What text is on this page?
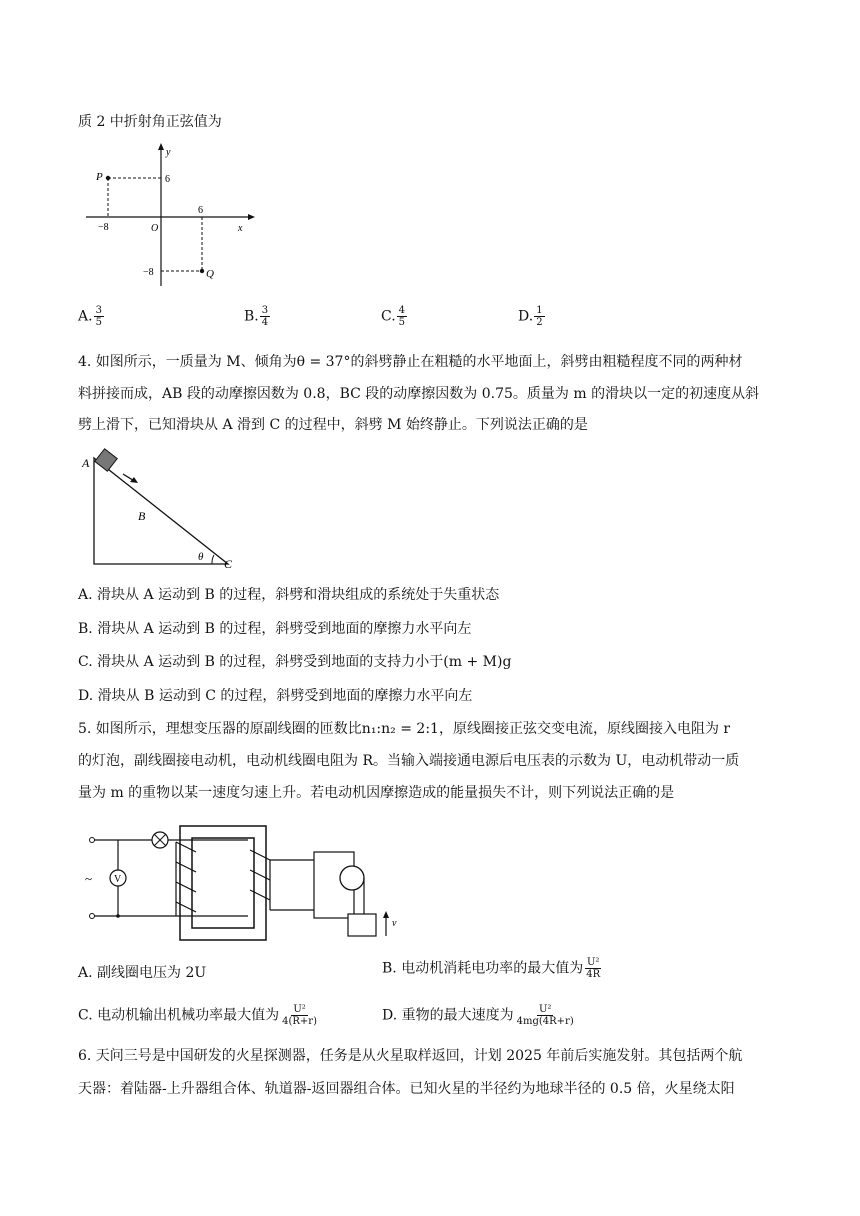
质 2 中折射角正弦值为
P
Q
y
x
O
6
6
−8
−8
A. $\frac{3}{5}$	B. $\frac{3}{4}$	C. $\frac{4}{5}$	D. $\frac{1}{2}$
4. 如图所示，一质量为 M、倾角为θ = 37°的斜劈静止在粗糙的水平地面上，斜劈由粗糙程度不同的两种材
料拼接而成，AB 段的动摩擦因数为 0.8，BC 段的动摩擦因数为 0.75。质量为 m 的滑块以一定的初速度从斜
劈上滑下，已知滑块从 A 滑到 C 的过程中，斜劈 M 始终静止。下列说法正确的是
A
B
C
θ
A. 滑块从 A 运动到 B 的过程，斜劈和滑块组成的系统处于失重状态
B. 滑块从 A 运动到 B 的过程，斜劈受到地面的摩擦力水平向左
C. 滑块从 A 运动到 B 的过程，斜劈受到地面的支持力小于(m + M)g
D. 滑块从 B 运动到 C 的过程，斜劈受到地面的摩擦力水平向左
5. 如图所示，理想变压器的原副线圈的匝数比n₁:n₂ = 2:1，原线圈接正弦交变电流，原线圈接入电阻为 r
的灯泡，副线圈接电动机，电动机线圈电阻为 R。当输入端接通电源后电压表的示数为 U，电动机带动一质
量为 m 的重物以某一速度匀速上升。若电动机因摩擦造成的能量损失不计，则下列说法正确的是
~ V
v
A. 副线圈电压为 2U	B. 电动机消耗电功率的最大值为 $\frac{\text{U²}}{4R}$
C. 电动机输出机械功率最大值为 $\frac{\text{U²}}{4(R+r)}$	D. 重物的最大速度为 $\frac{\text{U²}}{4mg(4R+r)}$
6. 天问三号是中国研发的火星探测器，任务是从火星取样返回，计划 2025 年前后实施发射。其包括两个航
天器：着陆器-上升器组合体、轨道器-返回器组合体。已知火星的半径约为地球半径的 0.5 倍，火星绕太阳
